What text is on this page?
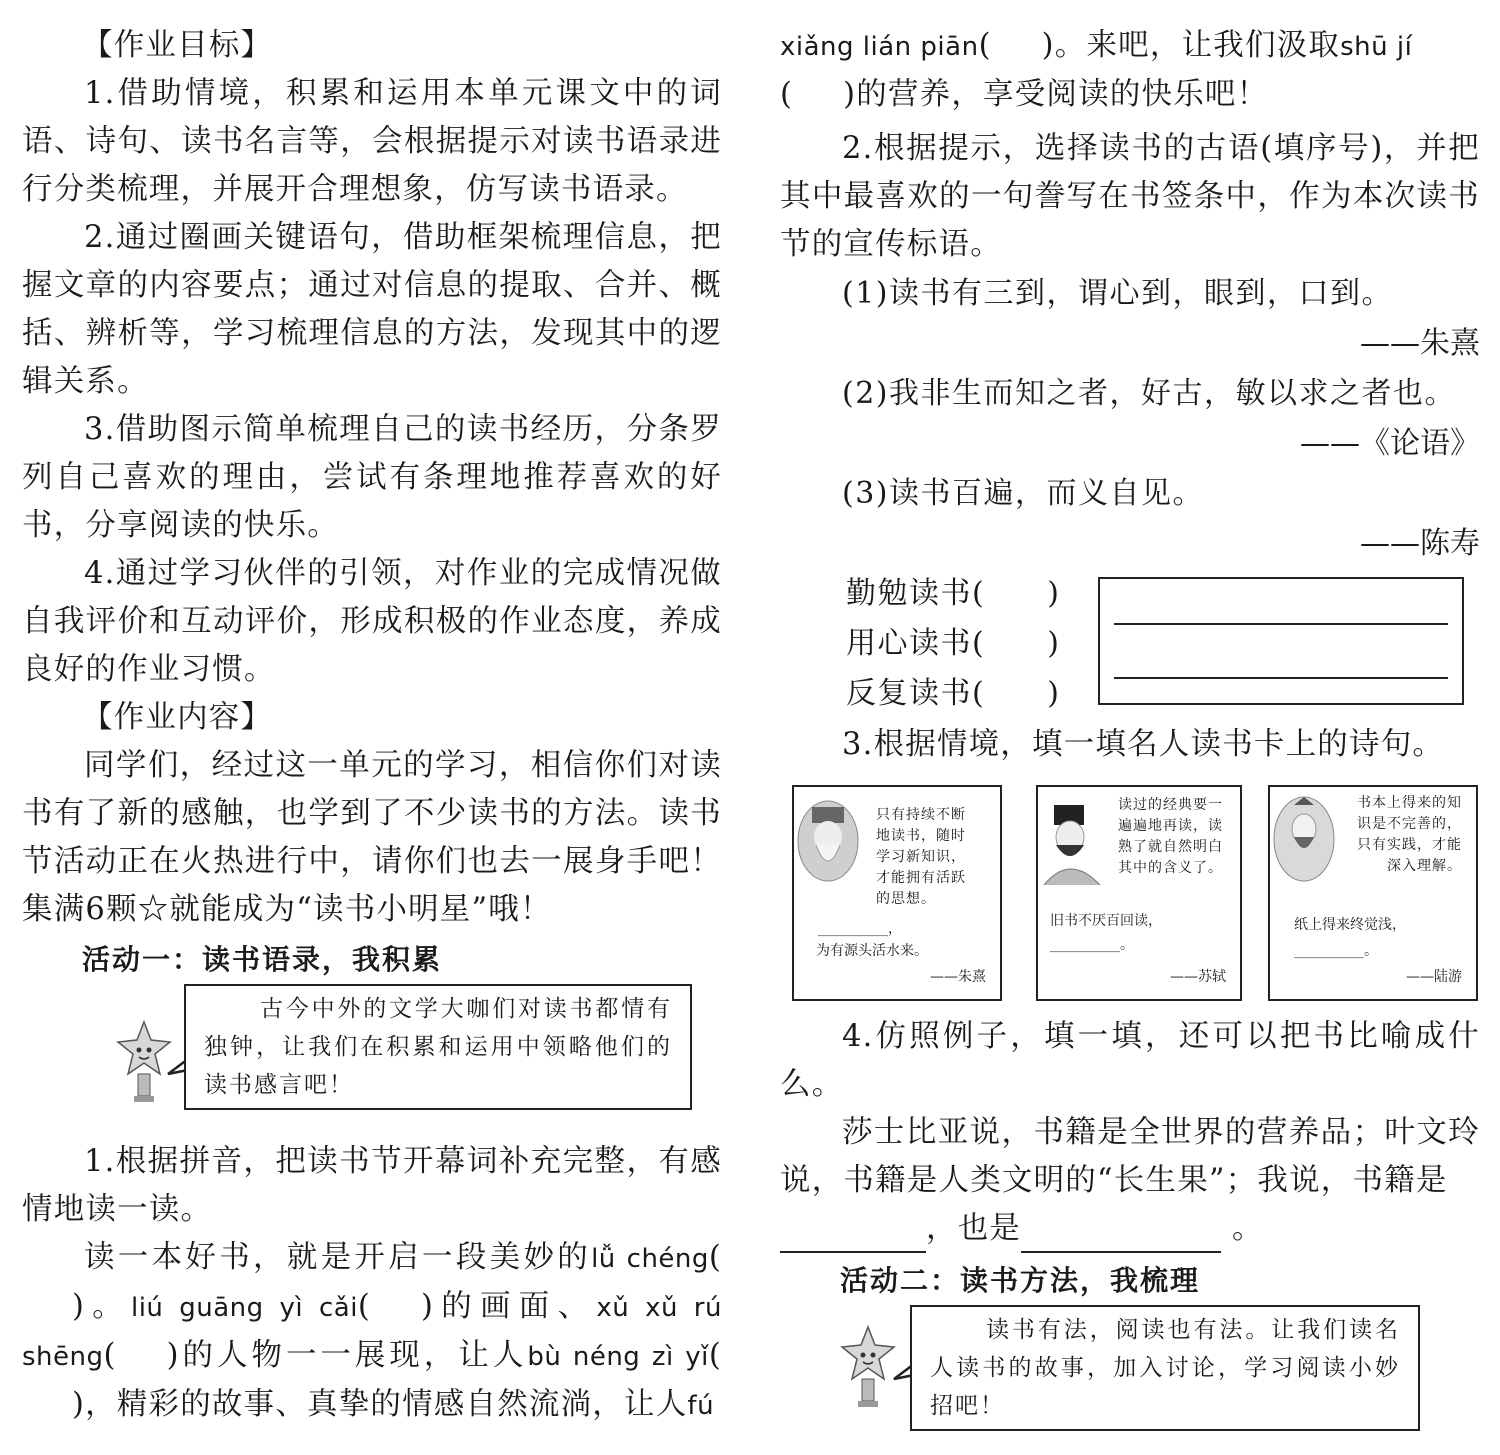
【作业目标】
1.借助情境，积累和运用本单元课文中的词语、诗句、读书名言等，会根据提示对读书语录进行分类梳理，并展开合理想象，仿写读书语录。
2.通过圈画关键语句，借助框架梳理信息，把握文章的内容要点；通过对信息的提取、合并、概括、辨析等，学习梳理信息的方法，发现其中的逻辑关系。
3.借助图示简单梳理自己的读书经历，分条罗列自己喜欢的理由，尝试有条理地推荐喜欢的好书，分享阅读的快乐。
4.通过学习伙伴的引领，对作业的完成情况做自我评价和互动评价，形成积极的作业态度，养成良好的作业习惯。
【作业内容】
同学们，经过这一单元的学习，相信你们对读书有了新的感触，也学到了不少读书的方法。读书节活动正在火热进行中，请你们也去一展身手吧！集满6颗☆就能成为“读书小明星”哦！
活动一：读书语录，我积累
古今中外的文学大咖们对读书都情有独钟，让我们在积累和运用中领略他们的读书感言吧！
1.根据拼音，把读书节开幕词补充完整，有感情地读一读。
读一本好书，就是开启一段美妙的lǚ chéng()。liú guāng yì cǎi( )的画面、xǔ xǔ rú shēng( )的人物一一展现，让人bù néng zì yǐ()，精彩的故事、真挚的情感自然流淌，让人fú
xiǎng lián piān( )。来吧，让我们汲取shū jí
( )的营养，享受阅读的快乐吧！
2.根据提示，选择读书的古语(填序号)，并把其中最喜欢的一句誊写在书签条中，作为本次读书节的宣传标语。
(1)读书有三到，谓心到，眼到，口到。
——朱熹
(2)我非生而知之者，好古，敏以求之者也。
——《论语》
(3)读书百遍，而义自见。
——陈寿
勤勉读书( )
用心读书( )
反复读书( )
3.根据情境，填一填名人读书卡上的诗句。
只有持续不断地读书，随时学习新知识，才能拥有活跃的思想。
__________，
为有源头活水来。
——朱熹
读过的经典要一遍遍地再读，读熟了就自然明白其中的含义了。
旧书不厌百回读，
__________。
——苏轼
书本上得来的知识是不完善的，只有实践，才能深入理解。
纸上得来终觉浅，
__________。
——陆游
4.仿照例子，填一填，还可以把书比喻成什么。
莎士比亚说，书籍是全世界的营养品；叶文玲说，书籍是人类文明的“长生果”；我说，书籍是
，也是	。
活动二：读书方法，我梳理
读书有法，阅读也有法。让我们读名人读书的故事，加入讨论，学习阅读小妙招吧！
